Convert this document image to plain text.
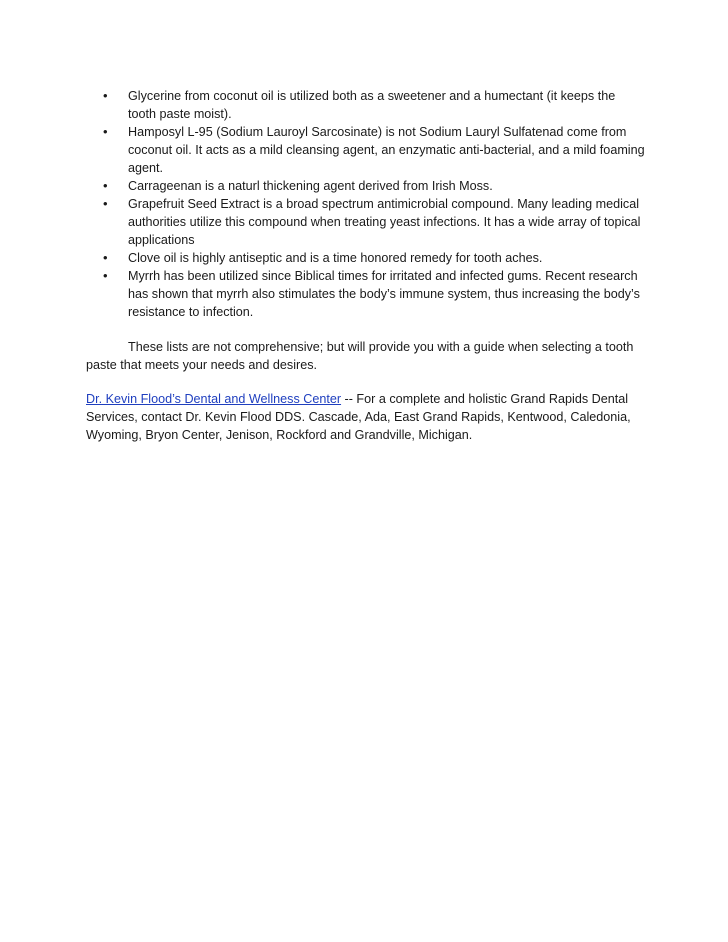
• Glycerine from coconut oil is utilized both as a sweetener and a humectant (it keeps the tooth paste moist).
• Hamposyl L-95 (Sodium Lauroyl Sarcosinate) is not Sodium Lauryl Sulfatenad come from coconut oil. It acts as a mild cleansing agent, an enzymatic anti-bacterial, and a mild foaming agent.
• Carrageenan is a naturl thickening agent derived from Irish Moss.
• Grapefruit Seed Extract is a broad spectrum antimicrobial compound. Many leading medical authorities utilize this compound when treating yeast infections. It has a wide array of topical applications
• Clove oil is highly antiseptic and is a time honored remedy for tooth aches.
• Myrrh has been utilized since Biblical times for irritated and infected gums. Recent research has shown that myrrh also stimulates the body’s immune system, thus increasing the body’s resistance to infection.

These lists are not comprehensive; but will provide you with a guide when selecting a tooth paste that meets your needs and desires.

Dr. Kevin Flood’s Dental and Wellness Center -- For a complete and holistic Grand Rapids Dental Services, contact Dr. Kevin Flood DDS. Cascade, Ada, East Grand Rapids, Kentwood, Caledonia, Wyoming, Bryon Center, Jenison, Rockford and Grandville, Michigan.
